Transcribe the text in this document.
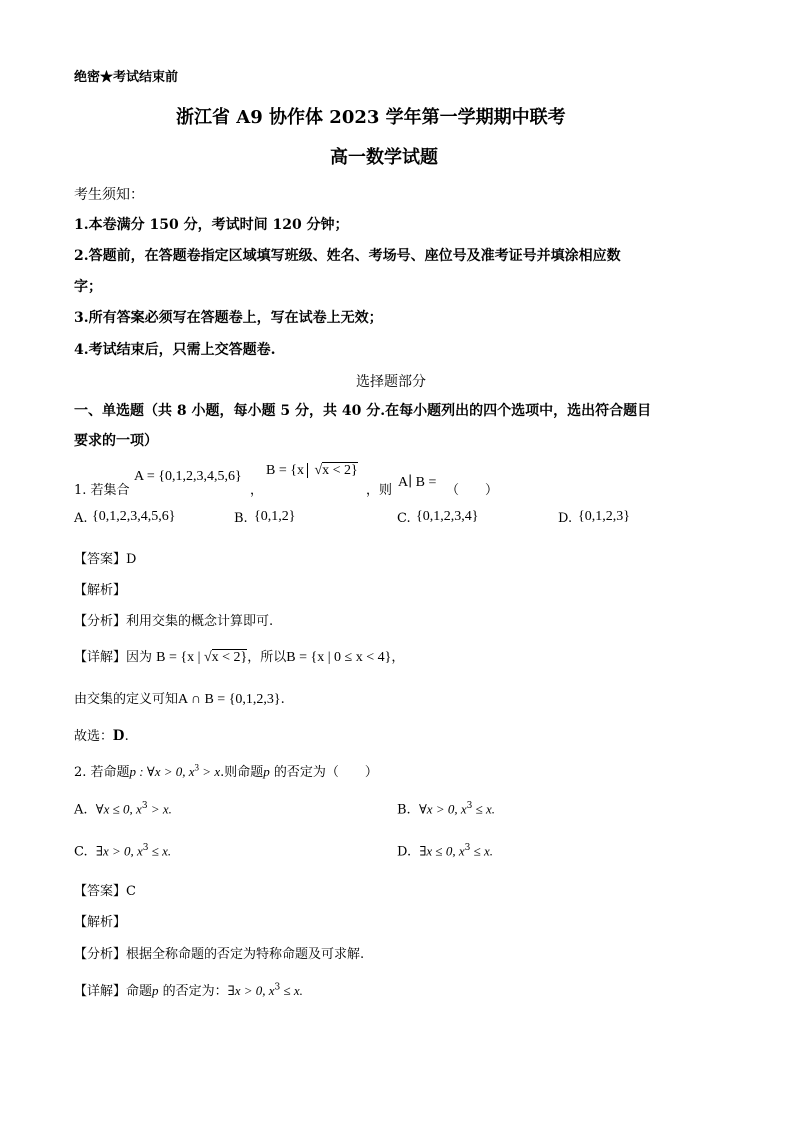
绝密★考试结束前
浙江省 A9 协作体 2023 学年第一学期期中联考
高一数学试题
考生须知：
1.本卷满分 150 分，考试时间 120 分钟；
2.答题前，在答题卷指定区域填写班级、姓名、考场号、座位号及准考证号并填涂相应数
字；
3.所有答案必须写在答题卷上，写在试卷上无效；
4.考试结束后，只需上交答题卷.
选择题部分
一、单选题（共 8 小题，每小题 5 分，共 40 分.在每小题列出的四个选项中，选出符合题目
要求的一项）
1. 若集合
A = {0,1,2,3,4,5,6}
，
B = {x √x < 2}
，则
A∣ B =
（　　）
A. {0,1,2,3,4,5,6}	B. {0,1,2}	C. {0,1,2,3,4}	D. {0,1,2,3}
【答案】D
【解析】
【分析】利用交集的概念计算即可.
【详解】因为 B = {x | √x < 2}，所以B = {x | 0 ≤ x < 4}，
由交集的定义可知A ∩ B = {0,1,2,3}.
故选：D.
2. 若命题p : ∀x > 0, $x^3 > x$.则命题p 的否定为（　　）
A. ∀x ≤ 0, $x^3 > x$.	B. ∀x > 0, $x^3 \le x$.
C. ∃x > 0, $x^3 \le x$.	D. ∃x ≤ 0, $x^3 \le x$.
【答案】C
【解析】
【分析】根据全称命题的否定为特称命题及可求解.
【详解】命题p 的否定为：∃x > 0, $x^3 \le x$.
